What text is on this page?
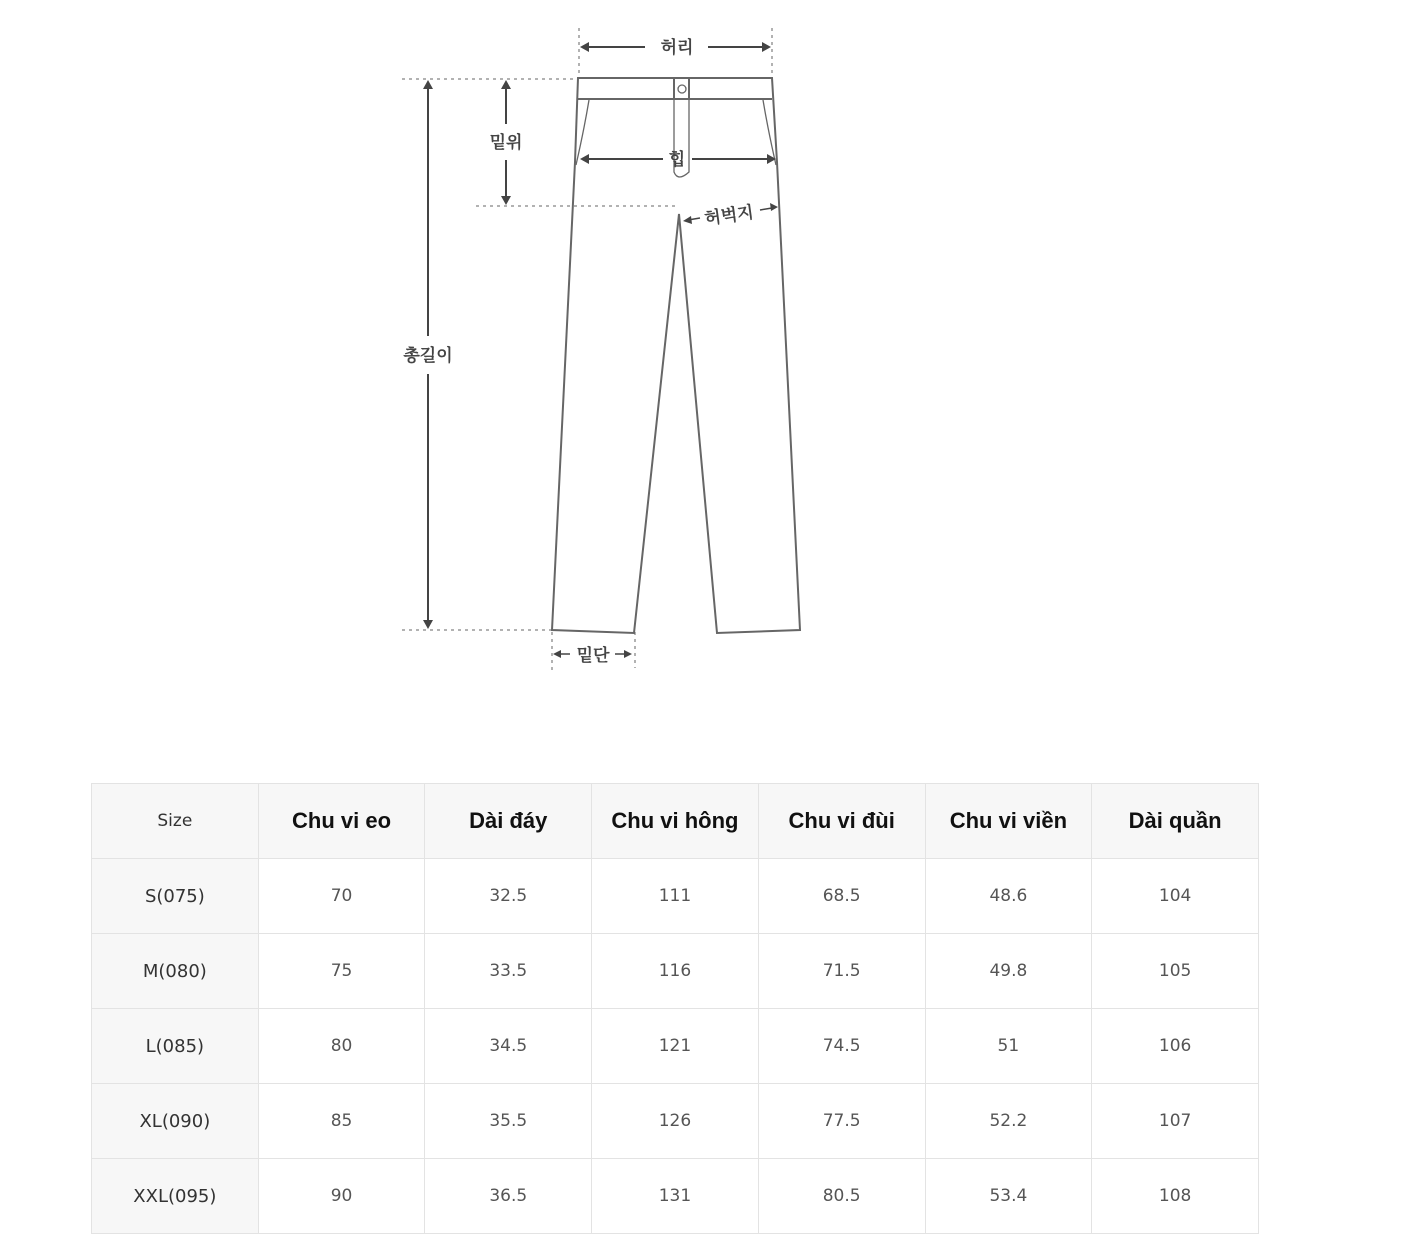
허리
밑위
힙
허벅지
총길이
밑단
Size	Chu vi eo	Dài đáy	Chu vi hông	Chu vi đùi	Chu vi viền	Dài quần
S(075)	70	32.5	111	68.5	48.6	104
M(080)	75	33.5	116	71.5	49.8	105
L(085)	80	34.5	121	74.5	51	106
XL(090)	85	35.5	126	77.5	52.2	107
XXL(095)	90	36.5	131	80.5	53.4	108
